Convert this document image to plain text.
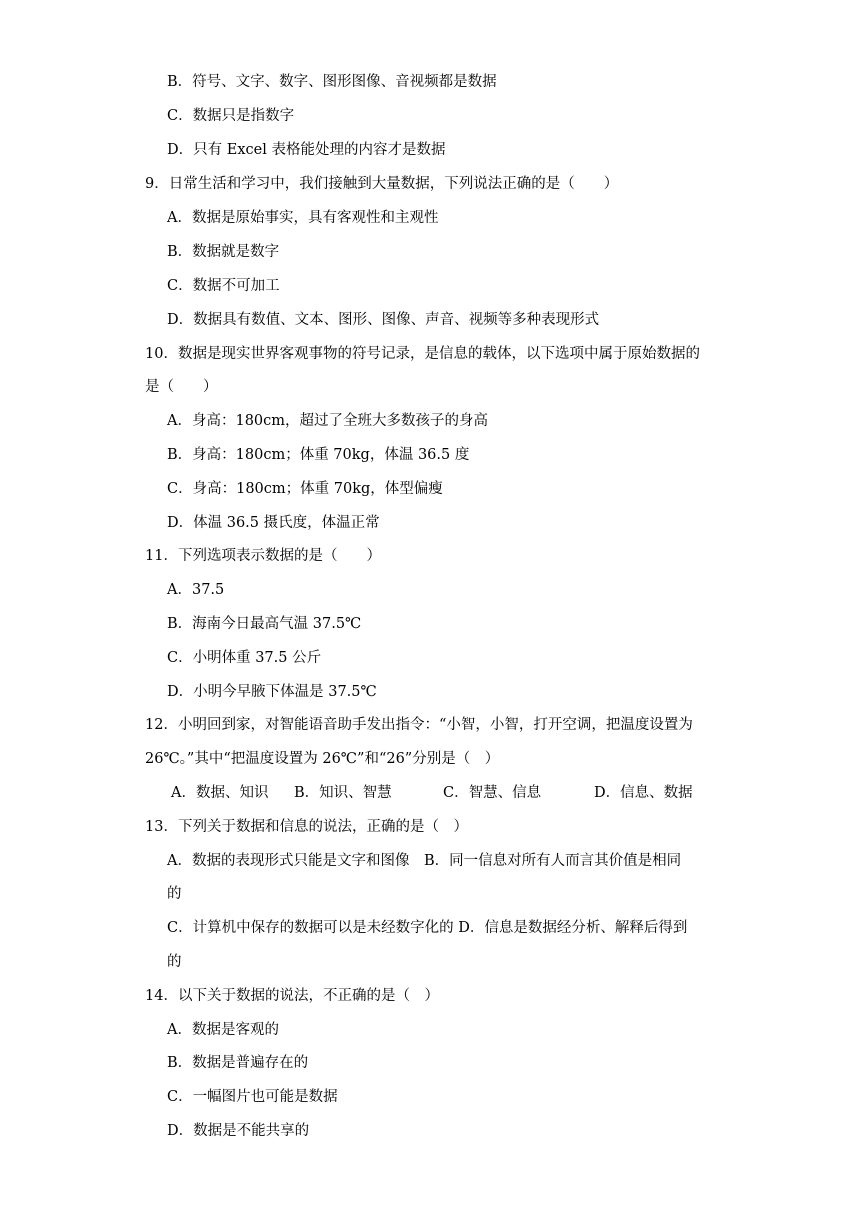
B．符号、文字、数字、图形图像、音视频都是数据
C．数据只是指数字
D．只有 Excel 表格能处理的内容才是数据
9．日常生活和学习中，我们接触到大量数据，下列说法正确的是（　　）
A．数据是原始事实，具有客观性和主观性
B．数据就是数字
C．数据不可加工
D．数据具有数值、文本、图形、图像、声音、视频等多种表现形式
10．数据是现实世界客观事物的符号记录，是信息的载体，以下选项中属于原始数据的
是（　　）
A．身高：180cm，超过了全班大多数孩子的身高
B．身高：180cm；体重 70kg，体温 36.5 度
C．身高：180cm；体重 70kg，体型偏瘦
D．体温 36.5 摄氏度，体温正常
11．下列选项表示数据的是（　　）
A．37.5
B．海南今日最高气温 37.5℃
C．小明体重 37.5 公斤
D．小明今早腋下体温是 37.5℃
12．小明回到家，对智能语音助手发出指令：“小智，小智，打开空调，把温度设置为
26℃。”其中“把温度设置为 26℃”和“26”分别是（　）
A．数据、知识 B．知识、智慧	C．智慧、信息	D．信息、数据
13．下列关于数据和信息的说法，正确的是（　）
A．数据的表现形式只能是文字和图像　B．同一信息对所有人而言其价值是相同
的
C．计算机中保存的数据可以是未经数字化的 D．信息是数据经分析、解释后得到
的
14．以下关于数据的说法，不正确的是（　）
A．数据是客观的
B．数据是普遍存在的
C．一幅图片也可能是数据
D．数据是不能共享的
